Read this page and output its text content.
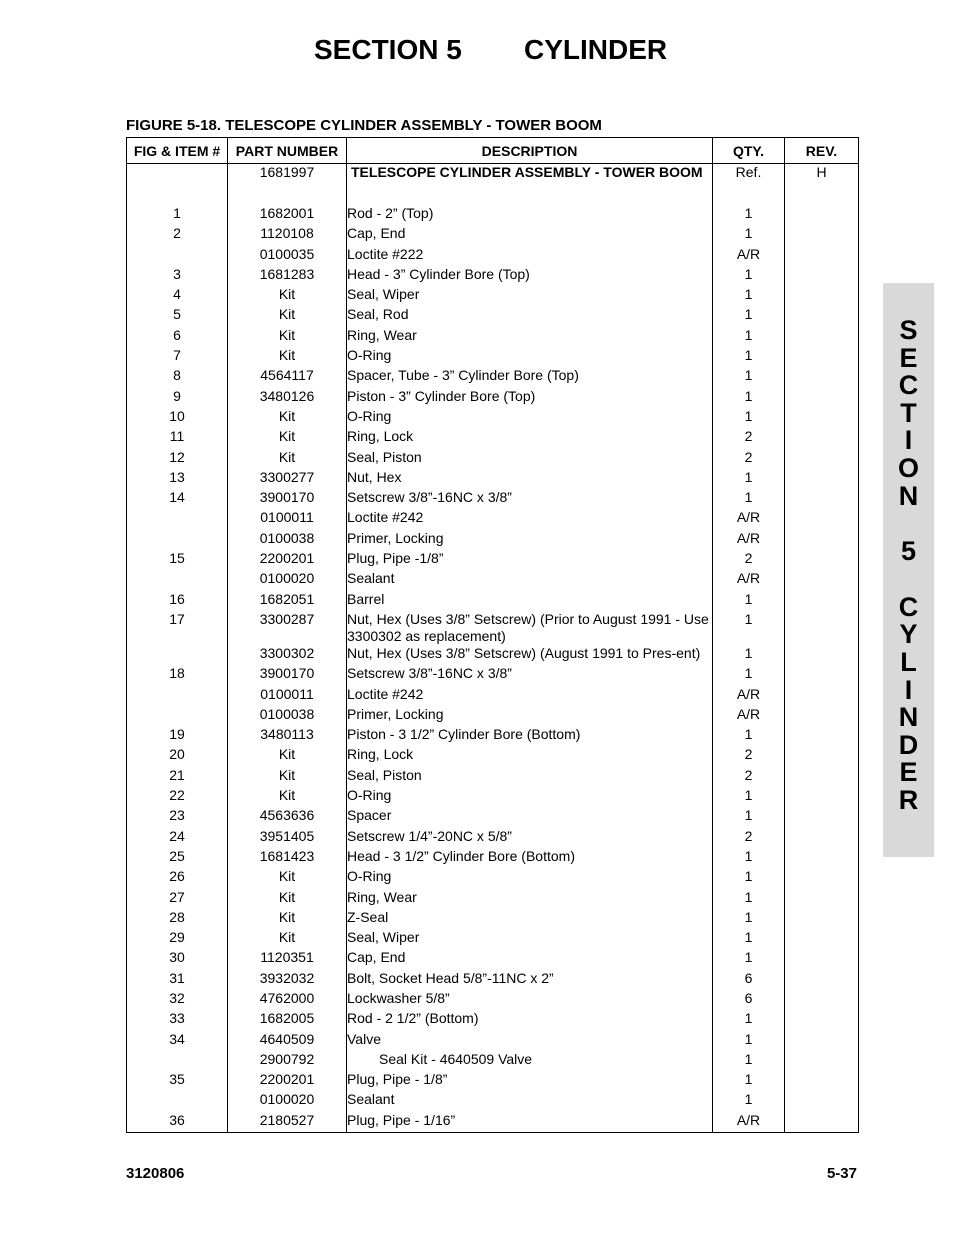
SECTION 5 CYLINDER
FIGURE 5-18. TELESCOPE CYLINDER ASSEMBLY - TOWER BOOM
FIG & ITEM #	PART NUMBER	DESCRIPTION	QTY.	REV.
	1681997	TELESCOPE CYLINDER ASSEMBLY - TOWER BOOM	Ref.	H

1	1682001	Rod - 2” (Top)	1	
2	1120108	Cap, End	1	
	0100035	Loctite #222	A/R	
3	1681283	Head - 3” Cylinder Bore (Top)	1	
4	Kit	Seal, Wiper	1	
5	Kit	Seal, Rod	1	
6	Kit	Ring, Wear	1	
7	Kit	O-Ring	1	
8	4564117	Spacer, Tube - 3” Cylinder Bore (Top)	1	
9	3480126	Piston - 3” Cylinder Bore (Top)	1	
10	Kit	O-Ring	1	
11	Kit	Ring, Lock	2	
12	Kit	Seal, Piston	2	
13	3300277	Nut, Hex	1	
14	3900170	Setscrew 3/8”-16NC x 3/8”	1	
	0100011	Loctite #242	A/R	
	0100038	Primer, Locking	A/R	
15	2200201	Plug, Pipe -1/8”	2	
	0100020	Sealant	A/R	
16	1682051	Barrel	1	
17	3300287	Nut, Hex (Uses 3/8” Setscrew) (Prior to August 1991 - Use 3300302 as replacement)	1	
	3300302	Nut, Hex (Uses 3/8” Setscrew) (August 1991 to Pres-ent)	1	
18	3900170	Setscrew 3/8”-16NC x 3/8”	1	
	0100011	Loctite #242	A/R	
	0100038	Primer, Locking	A/R	
19	3480113	Piston - 3 1/2” Cylinder Bore (Bottom)	1	
20	Kit	Ring, Lock	2	
21	Kit	Seal, Piston	2	
22	Kit	O-Ring	1	
23	4563636	Spacer	1	
24	3951405	Setscrew 1/4”-20NC x 5/8”	2	
25	1681423	Head - 3 1/2” Cylinder Bore (Bottom)	1	
26	Kit	O-Ring	1	
27	Kit	Ring, Wear	1	
28	Kit	Z-Seal	1	
29	Kit	Seal, Wiper	1	
30	1120351	Cap, End	1	
31	3932032	Bolt, Socket Head 5/8”-11NC x 2”	6	
32	4762000	Lockwasher 5/8”	6	
33	1682005	Rod - 2 1/2” (Bottom)	1	
34	4640509	Valve	1	
	2900792	Seal Kit - 4640509 Valve	1	
35	2200201	Plug, Pipe - 1/8”	1	
	0100020	Sealant	1	
36	2180527	Plug, Pipe - 1/16”	A/R	
3120806	5-37
S
E
C
T
I
O
N
5
C
Y
L
I
N
D
E
R
